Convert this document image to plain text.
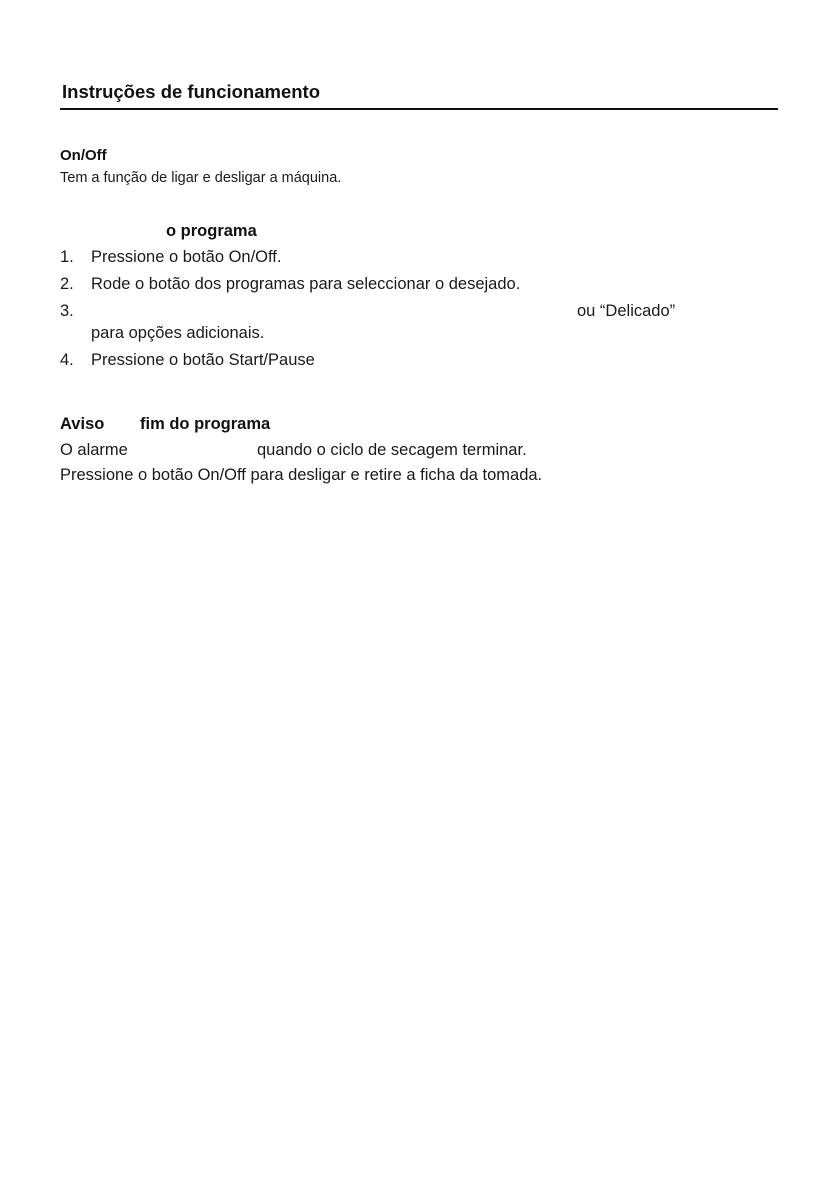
Instruções de funcionamento
On/Off
Tem a função de ligar e desligar a máquina.
o programa
1. Pressione o botão On/Off.
2. Rode o botão dos programas para seleccionar o desejado.
3.	ou “Delicado”
para opções adicionais.
4. Pressione o botão Start/Pause
Aviso fim do programa
O alarme	quando o ciclo de secagem terminar.
Pressione o botão On/Off para desligar e retire a ficha da tomada.
